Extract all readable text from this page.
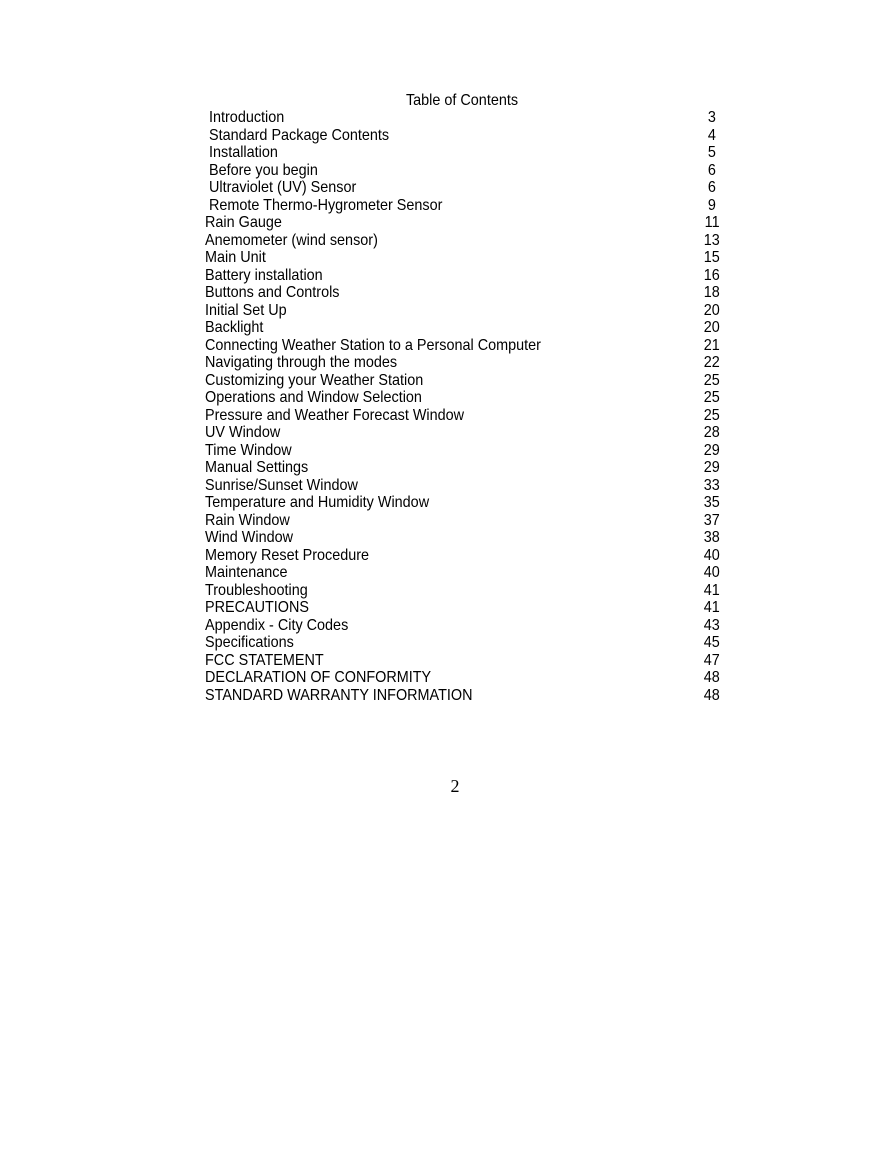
Table of Contents
Introduction	3
Standard Package Contents	4
Installation	5
Before you begin	6
Ultraviolet (UV) Sensor	6
Remote Thermo-Hygrometer Sensor	9
Rain Gauge	11
Anemometer (wind sensor)	13
Main Unit	15
Battery installation	16
Buttons and Controls	18
Initial Set Up	20
Backlight	20
Connecting Weather Station to a Personal Computer	21
Navigating through the modes	22
Customizing your Weather Station	25
Operations and Window Selection	25
Pressure and Weather Forecast Window	25
UV Window	28
Time Window	29
Manual Settings	29
Sunrise/Sunset Window	33
Temperature and Humidity Window	35
Rain Window	37
Wind Window	38
Memory Reset Procedure	40
Maintenance	40
Troubleshooting	41
PRECAUTIONS	41
Appendix - City Codes	43
Specifications	45
FCC STATEMENT	47
DECLARATION OF CONFORMITY	48
STANDARD WARRANTY INFORMATION	48
2
